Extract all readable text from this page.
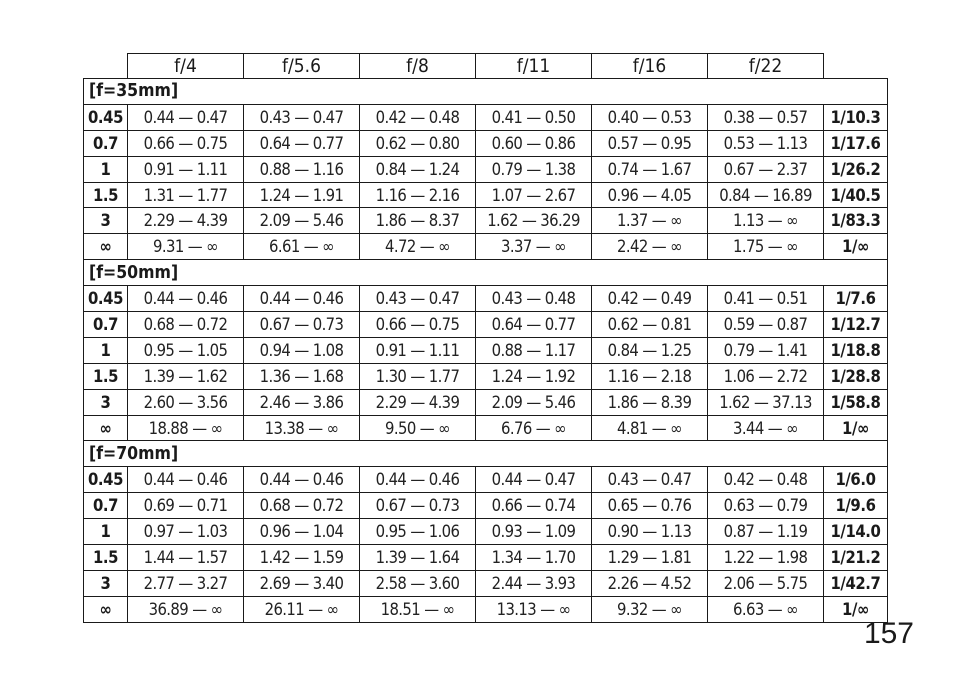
	f/4	f/5.6	f/8	f/11	f/16	f/22	
[f=35mm]							
0.45	0.44 — 0.47	0.43 — 0.47	0.42 — 0.48	0.41 — 0.50	0.40 — 0.53	0.38 — 0.57	1/10.3
0.7	0.66 — 0.75	0.64 — 0.77	0.62 — 0.80	0.60 — 0.86	0.57 — 0.95	0.53 — 1.13	1/17.6
1	0.91 — 1.11	0.88 — 1.16	0.84 — 1.24	0.79 — 1.38	0.74 — 1.67	0.67 — 2.37	1/26.2
1.5	1.31 — 1.77	1.24 — 1.91	1.16 — 2.16	1.07 — 2.67	0.96 — 4.05	0.84 — 16.89	1/40.5
3	2.29 — 4.39	2.09 — 5.46	1.86 — 8.37	1.62 — 36.29	1.37 — ∞	1.13 — ∞	1/83.3
∞	9.31 — ∞	6.61 — ∞	4.72 — ∞	3.37 — ∞	2.42 — ∞	1.75 — ∞	1/∞
[f=50mm]							
0.45	0.44 — 0.46	0.44 — 0.46	0.43 — 0.47	0.43 — 0.48	0.42 — 0.49	0.41 — 0.51	1/7.6
0.7	0.68 — 0.72	0.67 — 0.73	0.66 — 0.75	0.64 — 0.77	0.62 — 0.81	0.59 — 0.87	1/12.7
1	0.95 — 1.05	0.94 — 1.08	0.91 — 1.11	0.88 — 1.17	0.84 — 1.25	0.79 — 1.41	1/18.8
1.5	1.39 — 1.62	1.36 — 1.68	1.30 — 1.77	1.24 — 1.92	1.16 — 2.18	1.06 — 2.72	1/28.8
3	2.60 — 3.56	2.46 — 3.86	2.29 — 4.39	2.09 — 5.46	1.86 — 8.39	1.62 — 37.13	1/58.8
∞	18.88 — ∞	13.38 — ∞	9.50 — ∞	6.76 — ∞	4.81 — ∞	3.44 — ∞	1/∞
[f=70mm]							
0.45	0.44 — 0.46	0.44 — 0.46	0.44 — 0.46	0.44 — 0.47	0.43 — 0.47	0.42 — 0.48	1/6.0
0.7	0.69 — 0.71	0.68 — 0.72	0.67 — 0.73	0.66 — 0.74	0.65 — 0.76	0.63 — 0.79	1/9.6
1	0.97 — 1.03	0.96 — 1.04	0.95 — 1.06	0.93 — 1.09	0.90 — 1.13	0.87 — 1.19	1/14.0
1.5	1.44 — 1.57	1.42 — 1.59	1.39 — 1.64	1.34 — 1.70	1.29 — 1.81	1.22 — 1.98	1/21.2
3	2.77 — 3.27	2.69 — 3.40	2.58 — 3.60	2.44 — 3.93	2.26 — 4.52	2.06 — 5.75	1/42.7
∞	36.89 — ∞	26.11 — ∞	18.51 — ∞	13.13 — ∞	9.32 — ∞	6.63 — ∞	1/∞
157
